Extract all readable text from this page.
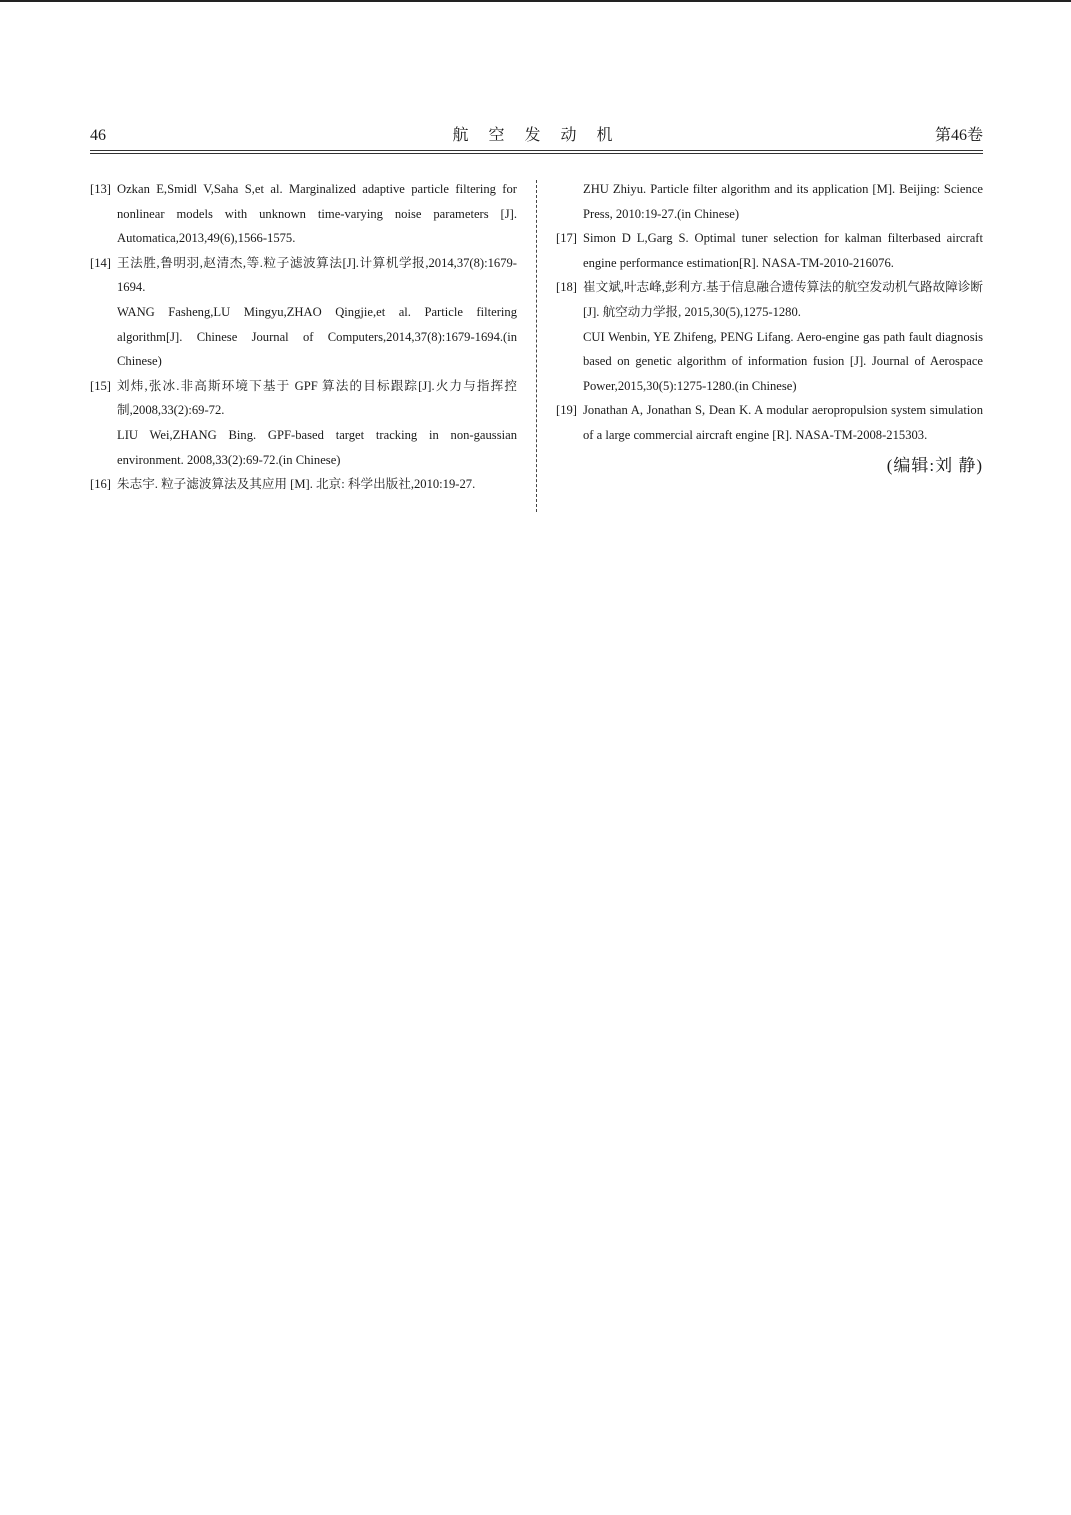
46	航 空 发 动 机	第46卷
[13] Ozkan E,Smidl V,Saha S,et al. Marginalized adaptive particle filtering for nonlinear models with unknown time-varying noise parameters [J]. Automatica,2013,49(6),1566-1575.
[14] 王法胜,鲁明羽,赵清杰,等.粒子滤波算法[J].计算机学报,2014,37(8):1679-1694.
WANG Fasheng,LU Mingyu,ZHAO Qingjie,et al. Particle filtering algorithm[J]. Chinese Journal of Computers,2014,37(8):1679-1694.(in Chinese)
[15] 刘炜,张冰.非高斯环境下基于 GPF 算法的目标跟踪[J].火力与指挥控制,2008,33(2):69-72.
LIU Wei,ZHANG Bing. GPF-based target tracking in non-gaussian environment. 2008,33(2):69-72.(in Chinese)
[16] 朱志宇. 粒子滤波算法及其应用 [M]. 北京: 科学出版社,2010:19-27.
ZHU Zhiyu. Particle filter algorithm and its application [M]. Beijing: Science Press, 2010:19-27.(in Chinese)
[17] Simon D L,Garg S. Optimal tuner selection for kalman filterbased aircraft engine performance estimation[R]. NASA-TM-2010-216076.
[18] 崔文斌,叶志峰,彭利方.基于信息融合遗传算法的航空发动机气路故障诊断[J]. 航空动力学报, 2015,30(5),1275-1280.
CUI Wenbin, YE Zhifeng, PENG Lifang. Aero-engine gas path fault diagnosis based on genetic algorithm of information fusion [J]. Journal of Aerospace Power,2015,30(5):1275-1280.(in Chinese)
[19] Jonathan A, Jonathan S, Dean K. A modular aeropropulsion system simulation of a large commercial aircraft engine [R]. NASA-TM-2008-215303.
(编辑:刘 静)
